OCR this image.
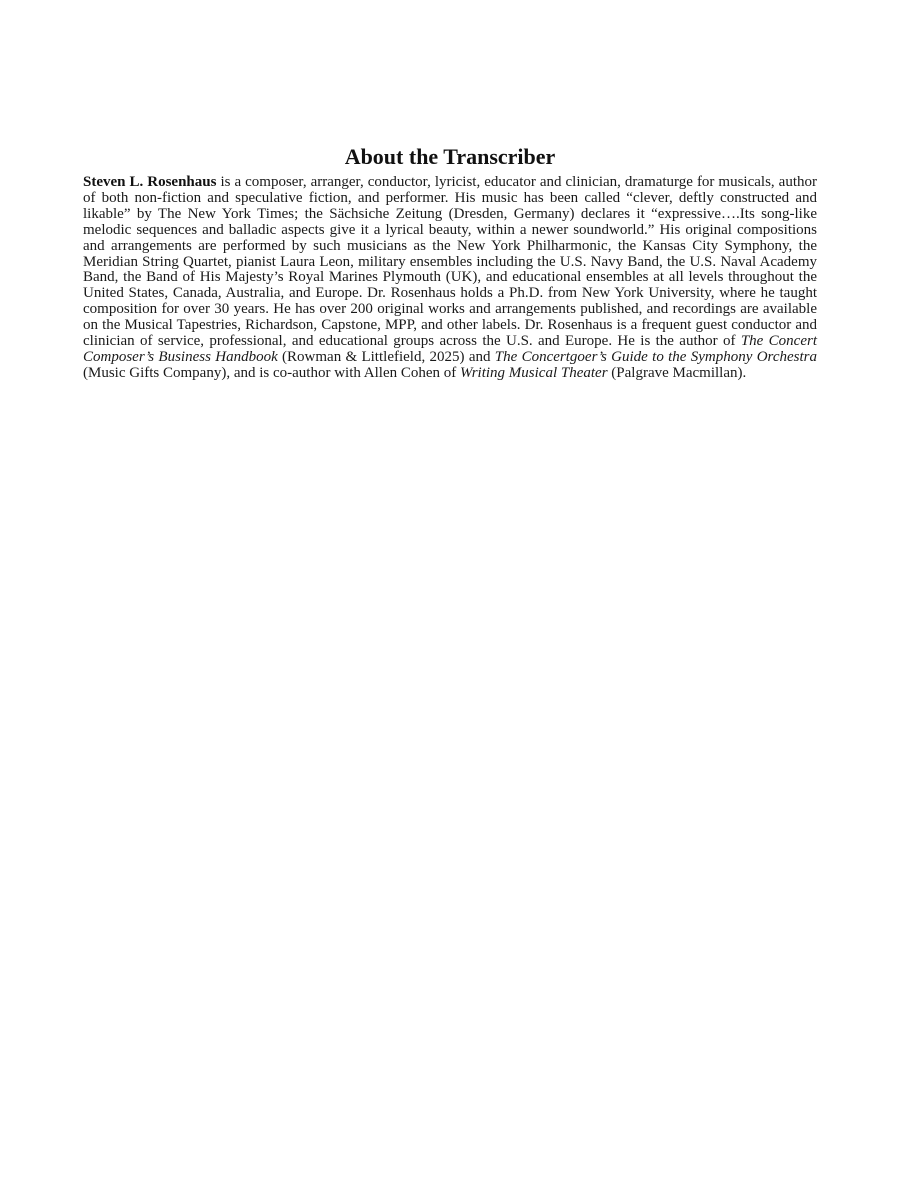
About the Transcriber

Steven L. Rosenhaus is a composer, arranger, conductor, lyricist, educator and clinician, dramaturge for musicals, author of both non-fiction and speculative fiction, and performer. His music has been called “clever, deftly constructed and likable” by The New York Times; the Sächsiche Zeitung (Dresden, Germany) declares it “expressive….Its song-like melodic sequences and balladic aspects give it a lyrical beauty, within a newer soundworld.” His original compositions and arrangements are performed by such musicians as the New York Philharmonic, the Kansas City Symphony, the Meridian String Quartet, pianist Laura Leon, military ensembles including the U.S. Navy Band, the U.S. Naval Academy Band, the Band of His Majesty’s Royal Marines Plymouth (UK), and educational ensembles at all levels throughout the United States, Canada, Australia, and Europe. Dr. Rosenhaus holds a Ph.D. from New York University, where he taught composition for over 30 years. He has over 200 original works and arrangements published, and recordings are available on the Musical Tapestries, Richardson, Capstone, MPP, and other labels. Dr. Rosenhaus is a frequent guest conductor and clinician of service, professional, and educational groups across the U.S. and Europe. He is the author of The Concert Composer’s Business Handbook (Rowman & Littlefield, 2025) and The Concertgoer’s Guide to the Symphony Orchestra (Music Gifts Company), and is co-author with Allen Cohen of Writing Musical Theater (Palgrave Macmillan).
